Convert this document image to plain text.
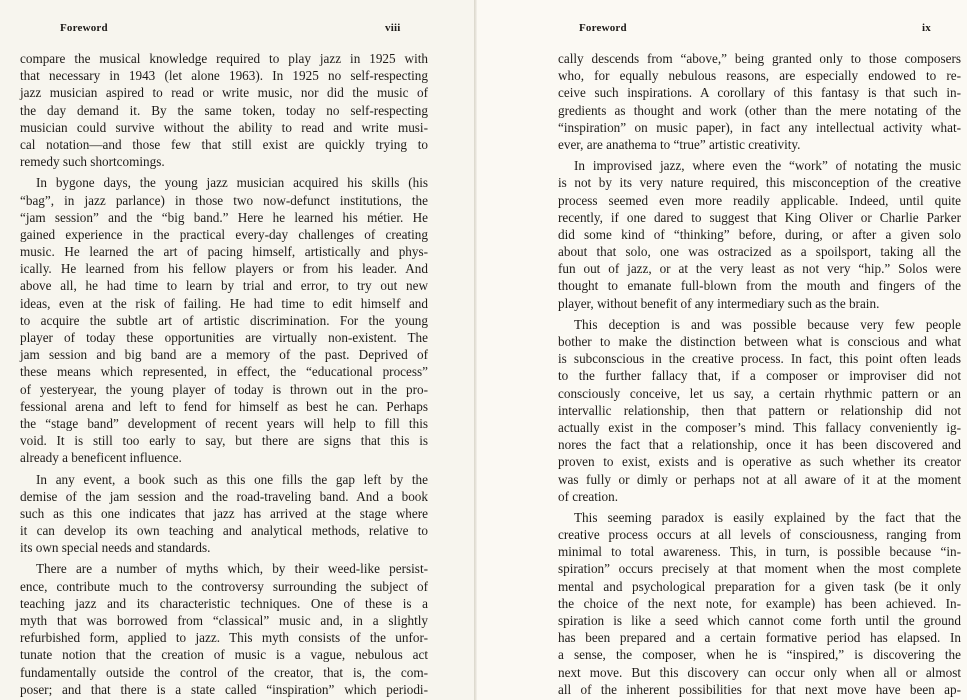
Foreword	viii
compare the musical knowledge required to play jazz in 1925 with
that necessary in 1943 (let alone 1963). In 1925 no self-respecting
jazz musician aspired to read or write music, nor did the music of
the day demand it. By the same token, today no self-respecting
musician could survive without the ability to read and write musi-
cal notation—and those few that still exist are quickly trying to
remedy such shortcomings.
In bygone days, the young jazz musician acquired his skills (his
“bag”, in jazz parlance) in those two now-defunct institutions, the
“jam session” and the “big band.” Here he learned his métier. He
gained experience in the practical every-day challenges of creating
music. He learned the art of pacing himself, artistically and phys-
ically. He learned from his fellow players or from his leader. And
above all, he had time to learn by trial and error, to try out new
ideas, even at the risk of failing. He had time to edit himself and
to acquire the subtle art of artistic discrimination. For the young
player of today these opportunities are virtually non-existent. The
jam session and big band are a memory of the past. Deprived of
these means which represented, in effect, the “educational process”
of yesteryear, the young player of today is thrown out in the pro-
fessional arena and left to fend for himself as best he can. Perhaps
the “stage band” development of recent years will help to fill this
void. It is still too early to say, but there are signs that this is
already a beneficent influence.
In any event, a book such as this one fills the gap left by the
demise of the jam session and the road-traveling band. And a book
such as this one indicates that jazz has arrived at the stage where
it can develop its own teaching and analytical methods, relative to
its own special needs and standards.
There are a number of myths which, by their weed-like persist-
ence, contribute much to the controversy surrounding the subject of
teaching jazz and its characteristic techniques. One of these is a
myth that was borrowed from “classical” music and, in a slightly
refurbished form, applied to jazz. This myth consists of the unfor-
tunate notion that the creation of music is a vague, nebulous act
fundamentally outside the control of the creator, that is, the com-
poser; and that there is a state called “inspiration” which periodi-
Foreword	ix
cally descends from “above,” being granted only to those composers
who, for equally nebulous reasons, are especially endowed to re-
ceive such inspirations. A corollary of this fantasy is that such in-
gredients as thought and work (other than the mere notating of the
“inspiration” on music paper), in fact any intellectual activity what-
ever, are anathema to “true” artistic creativity.
In improvised jazz, where even the “work” of notating the music
is not by its very nature required, this misconception of the creative
process seemed even more readily applicable. Indeed, until quite
recently, if one dared to suggest that King Oliver or Charlie Parker
did some kind of “thinking” before, during, or after a given solo
about that solo, one was ostracized as a spoilsport, taking all the
fun out of jazz, or at the very least as not very “hip.” Solos were
thought to emanate full-blown from the mouth and fingers of the
player, without benefit of any intermediary such as the brain.
This deception is and was possible because very few people
bother to make the distinction between what is conscious and what
is subconscious in the creative process. In fact, this point often leads
to the further fallacy that, if a composer or improviser did not
consciously conceive, let us say, a certain rhythmic pattern or an
intervallic relationship, then that pattern or relationship did not
actually exist in the composer’s mind. This fallacy conveniently ig-
nores the fact that a relationship, once it has been discovered and
proven to exist, exists and is operative as such whether its creator
was fully or dimly or perhaps not at all aware of it at the moment
of creation.
This seeming paradox is easily explained by the fact that the
creative process occurs at all levels of consciousness, ranging from
minimal to total awareness. This, in turn, is possible because “in-
spiration” occurs precisely at that moment when the most complete
mental and psychological preparation for a given task (be it only
the choice of the next note, for example) has been achieved. In-
spiration is like a seed which cannot come forth until the ground
has been prepared and a certain formative period has elapsed. In
a sense, the composer, when he is “inspired,” is discovering the
next move. But this discovery can occur only when all or almost
all of the inherent possibilities for that next move have been ap-
